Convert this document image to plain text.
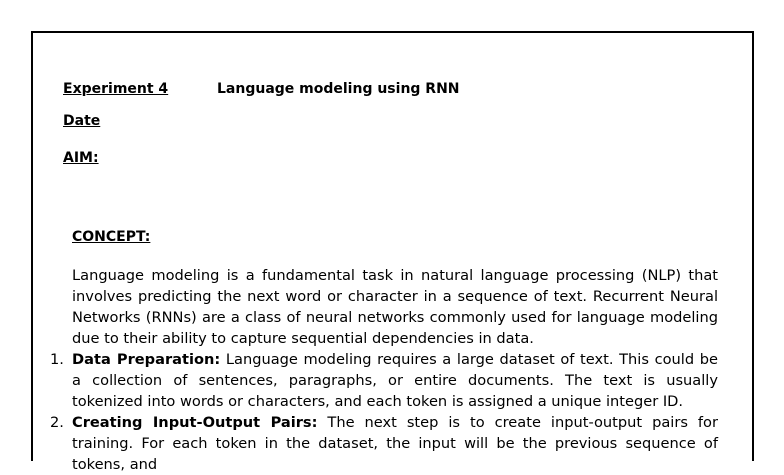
Experiment 4	Language modeling using RNN
Date
AIM:
CONCEPT:
Language modeling is a fundamental task in natural language processing (NLP) that involves predicting the next word or character in a sequence of text. Recurrent Neural Networks (RNNs) are a class of neural networks commonly used for language modeling due to their ability to capture sequential dependencies in data.
1. Data Preparation: Language modeling requires a large dataset of text. This could be a collection of sentences, paragraphs, or entire documents. The text is usually tokenized into words or characters, and each token is assigned a unique integer ID.
2. Creating Input-Output Pairs: The next step is to create input-output pairs for training. For each token in the dataset, the input will be the previous sequence of tokens, and
